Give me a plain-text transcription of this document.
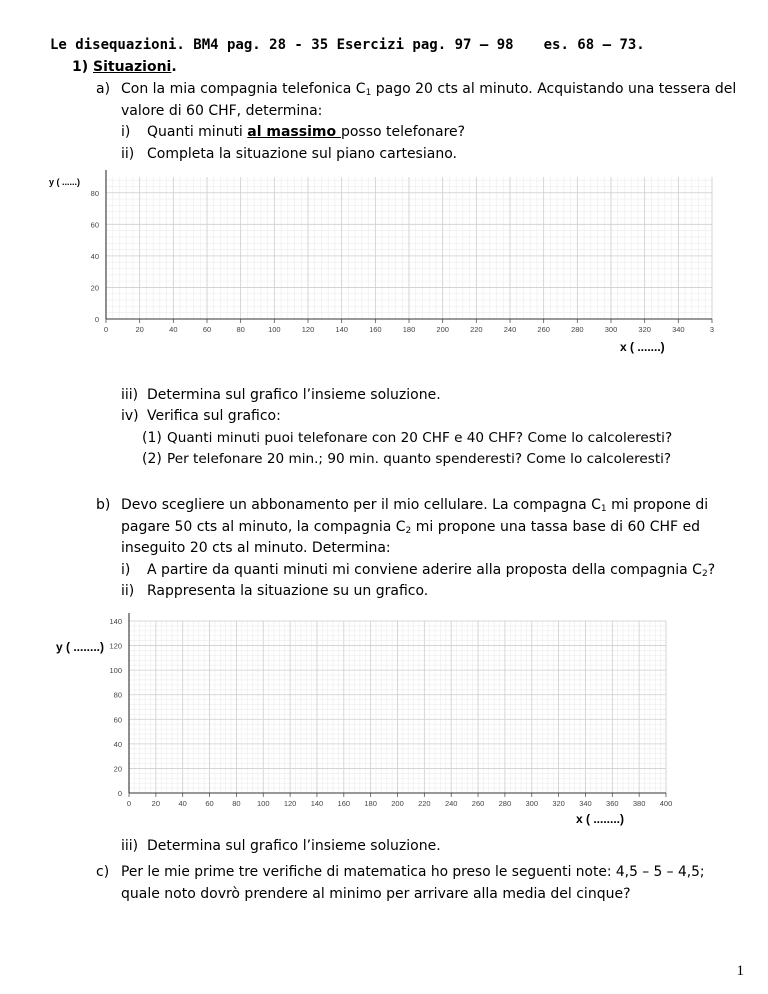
Le disequazioni. BM4 pag. 28 - 35 Esercizi pag. 97 – 98 es. 68 – 73.
1) Situazioni.
a) Con la mia compagnia telefonica $C_1$ pago 20 cts al minuto. Acquistando una tessera del
valore di 60 CHF, determina:
i) Quanti minuti al massimo posso telefonare?
ii) Completa la situazione sul piano cartesiano.
y ( ......)
x ( .......)
0	20	40	60	80	100	120	140	160	180	200	220	240	260	280	300	320	340	3
0
20
40
60
80
iii) Determina sul grafico l’insieme soluzione.
iv) Verifica sul grafico:
(1) Quanti minuti puoi telefonare con 20 CHF e 40 CHF? Come lo calcoleresti?
(2) Per telefonare 20 min.; 90 min. quanto spenderesti? Come lo calcoleresti?
b) Devo scegliere un abbonamento per il mio cellulare. La compagna $C_1$ mi propone di
pagare 50 cts al minuto, la compagnia $C_2$ mi propone una tassa base di 60 CHF ed
inseguito 20 cts al minuto. Determina:
i) A partire da quanti minuti mi conviene aderire alla proposta della compagnia $C_2$?
ii) Rappresenta la situazione su un grafico.
y ( ........)
x ( ........)
0	20 40 60 80 100 120 140 160 180 200 220 240 260 280 300 320 340 360 380 400
0
20
40
60
80
100
120
140
iii) Determina sul grafico l’insieme soluzione.
c) Per le mie prime tre verifiche di matematica ho preso le seguenti note: 4,5 – 5 – 4,5;
quale noto dovrò prendere al minimo per arrivare alla media del cinque?
1
